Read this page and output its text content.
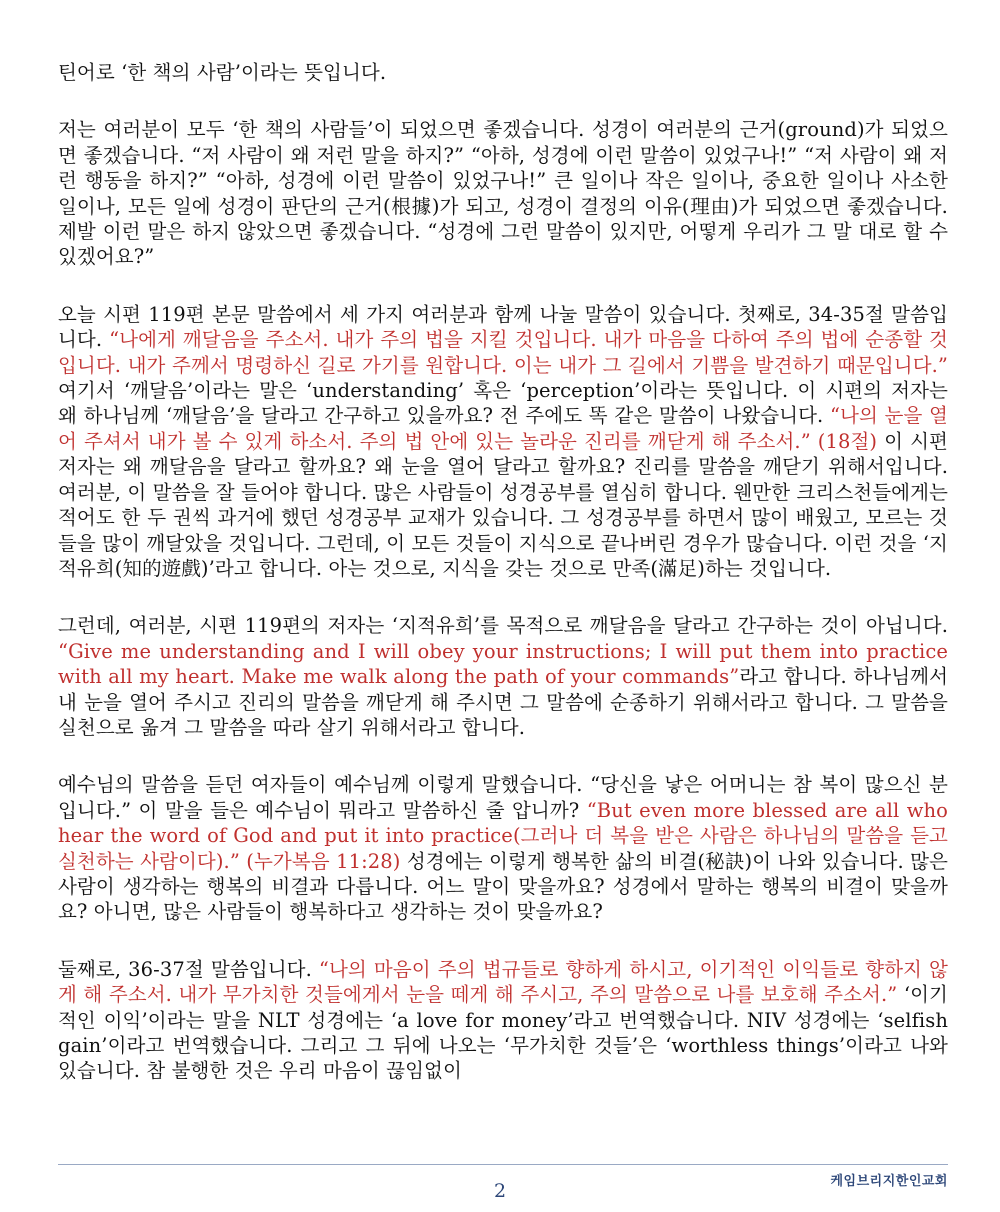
틴어로 ‘한 책의 사람’이라는 뜻입니다.

저는 여러분이 모두 ‘한 책의 사람들’이 되었으면 좋겠습니다. 성경이 여러분의 근거(ground)가 되었으면 좋겠습니다. “저 사람이 왜 저런 말을 하지?” “아하, 성경에 이런 말씀이 있었구나!” “저 사람이 왜 저런 행동을 하지?” “아하, 성경에 이런 말씀이 있었구나!” 큰 일이나 작은 일이나, 중요한 일이나 사소한 일이나, 모든 일에 성경이 판단의 근거(根據)가 되고, 성경이 결정의 이유(理由)가 되었으면 좋겠습니다. 제발 이런 말은 하지 않았으면 좋겠습니다. “성경에 그런 말씀이 있지만, 어떻게 우리가 그 말 대로 할 수 있겠어요?”

오늘 시편 119편 본문 말씀에서 세 가지 여러분과 함께 나눌 말씀이 있습니다. 첫째로, 34-35절 말씀입니다. “나에게 깨달음을 주소서. 내가 주의 법을 지킬 것입니다. 내가 마음을 다하여 주의 법에 순종할 것입니다. 내가 주께서 명령하신 길로 가기를 원합니다. 이는 내가 그 길에서 기쁨을 발견하기 때문입니다.” 여기서 ‘깨달음’이라는 말은 ‘understanding’ 혹은 ‘perception’이라는 뜻입니다. 이 시편의 저자는 왜 하나님께 ‘깨달음’을 달라고 간구하고 있을까요? 전 주에도 똑 같은 말씀이 나왔습니다. “나의 눈을 열어 주셔서 내가 볼 수 있게 하소서. 주의 법 안에 있는 놀라운 진리를 깨닫게 해 주소서.” (18절) 이 시편 저자는 왜 깨달음을 달라고 할까요? 왜 눈을 열어 달라고 할까요? 진리를 말씀을 깨닫기 위해서입니다. 여러분, 이 말씀을 잘 들어야 합니다. 많은 사람들이 성경공부를 열심히 합니다. 웬만한 크리스천들에게는 적어도 한 두 권씩 과거에 했던 성경공부 교재가 있습니다. 그 성경공부를 하면서 많이 배웠고, 모르는 것들을 많이 깨달았을 것입니다. 그런데, 이 모든 것들이 지식으로 끝나버린 경우가 많습니다. 이런 것을 ‘지적유희(知的遊戲)’라고 합니다. 아는 것으로, 지식을 갖는 것으로 만족(滿足)하는 것입니다.

그런데, 여러분, 시편 119편의 저자는 ‘지적유희’를 목적으로 깨달음을 달라고 간구하는 것이 아닙니다. “Give me understanding and I will obey your instructions; I will put them into practice with all my heart. Make me walk along the path of your commands”라고 합니다. 하나님께서 내 눈을 열어 주시고 진리의 말씀을 깨닫게 해 주시면 그 말씀에 순종하기 위해서라고 합니다. 그 말씀을 실천으로 옮겨 그 말씀을 따라 살기 위해서라고 합니다.

예수님의 말씀을 듣던 여자들이 예수님께 이렇게 말했습니다. “당신을 낳은 어머니는 참 복이 많으신 분입니다.” 이 말을 들은 예수님이 뭐라고 말씀하신 줄 압니까? “But even more blessed are all who hear the word of God and put it into practice(그러나 더 복을 받은 사람은 하나님의 말씀을 듣고 실천하는 사람이다).” (누가복음 11:28) 성경에는 이렇게 행복한 삶의 비결(秘訣)이 나와 있습니다. 많은 사람이 생각하는 행복의 비결과 다릅니다. 어느 말이 맞을까요? 성경에서 말하는 행복의 비결이 맞을까요? 아니면, 많은 사람들이 행복하다고 생각하는 것이 맞을까요?

둘째로, 36-37절 말씀입니다. “나의 마음이 주의 법규들로 향하게 하시고, 이기적인 이익들로 향하지 않게 해 주소서. 내가 무가치한 것들에게서 눈을 떼게 해 주시고, 주의 말씀으로 나를 보호해 주소서.” ‘이기적인 이익’이라는 말을 NLT 성경에는 ‘a love for money’라고 번역했습니다. NIV 성경에는 ‘selfish gain’이라고 번역했습니다. 그리고 그 뒤에 나오는 ‘무가치한 것들’은 ‘worthless things’이라고 나와 있습니다. 참 불행한 것은 우리 마음이 끊임없이

2	케임브리지한인교회
